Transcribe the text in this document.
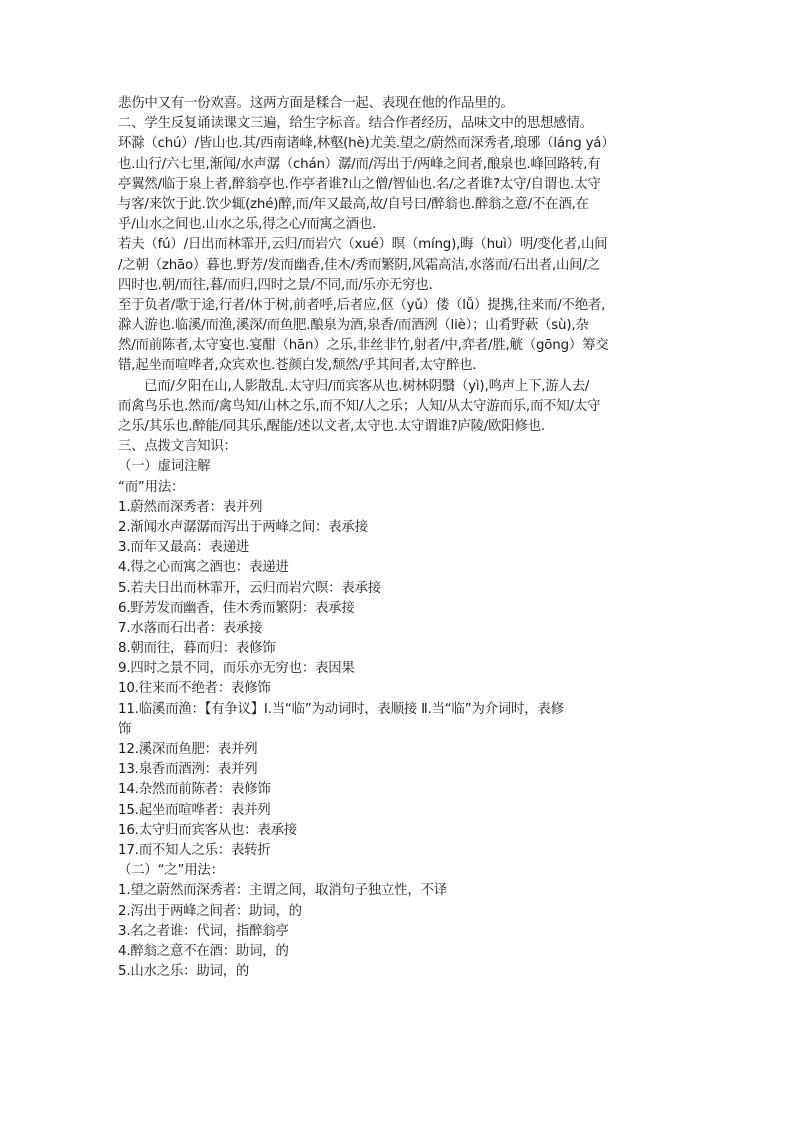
悲伤中又有一份欢喜。这两方面是糅合一起、表现在他的作品里的。
二、学生反复诵读课文三遍，给生字标音。结合作者经历，品味文中的思想感情。
环滁（chú）/皆山也.其/西南诸峰,林壑(hè)尤美.望之/蔚然而深秀者,琅琊（láng yá）
也.山行/六七里,渐闻/水声潺（chán）潺/而/泻出于/两峰之间者,酿泉也.峰回路转,有
亭翼然/临于泉上者,醉翁亭也.作亭者谁?山之僧/智仙也.名/之者谁?太守/自谓也.太守
与客/来饮于此.饮少辄(zhé)醉,而/年又最高,故/自号曰/醉翁也.醉翁之意/不在酒,在
乎/山水之间也.山水之乐,得之心/而寓之酒也.
若夫（fú）/日出而林霏开,云归/而岩穴（xué）暝（míng),晦（huì）明/变化者,山间
/之朝（zhāo）暮也.野芳/发而幽香,佳木/秀而繁阴,风霜高洁,水落而/石出者,山间/之
四时也.朝/而往,暮/而归,四时之景/不同,而/乐亦无穷也.
至于负者/歌于途,行者/休于树,前者呼,后者应,伛（yǔ）偻（lǚ）提携,往来而/不绝者,
滁人游也.临溪/而渔,溪深/而鱼肥.酿泉为酒,泉香/而酒洌（liè）；山肴野蔌（sù),杂
然/而前陈者,太守宴也.宴酣（hān）之乐,非丝非竹,射者/中,弈者/胜,觥（gōng）筹交
错,起坐而喧哗者,众宾欢也.苍颜白发,颓然/乎其间者,太守醉也.
已而/夕阳在山,人影散乱.太守归/而宾客从也.树林阴翳（yì),鸣声上下,游人去/
而禽鸟乐也.然而/禽鸟知/山林之乐,而不知/人之乐；人知/从太守游而乐,而不知/太守
之乐/其乐也.醉能/同其乐,醒能/述以文者,太守也.太守谓谁?庐陵/欧阳修也.
三、点拨文言知识：
（一）虚词注解
“而”用法：
1.蔚然而深秀者：表并列
2.渐闻水声潺潺而泻出于两峰之间：表承接
3.而年又最高：表递进
4.得之心而寓之酒也：表递进
5.若夫日出而林霏开，云归而岩穴暝：表承接
6.野芳发而幽香，佳木秀而繁阴：表承接
7.水落而石出者：表承接
8.朝而往，暮而归：表修饰
9.四时之景不同，而乐亦无穷也：表因果
10.往来而不绝者：表修饰
11.临溪而渔：【有争议】Ⅰ.当“临”为动词时，表顺接 Ⅱ.当“临”为介词时，表修
饰
12.溪深而鱼肥：表并列
13.泉香而酒洌：表并列
14.杂然而前陈者：表修饰
15.起坐而喧哗者：表并列
16.太守归而宾客从也：表承接
17.而不知人之乐：表转折
（二）“之”用法：
1.望之蔚然而深秀者：主谓之间，取消句子独立性，不译
2.泻出于两峰之间者：助词，的
3.名之者谁：代词，指醉翁亭
4.醉翁之意不在酒：助词，的
5.山水之乐：助词，的
